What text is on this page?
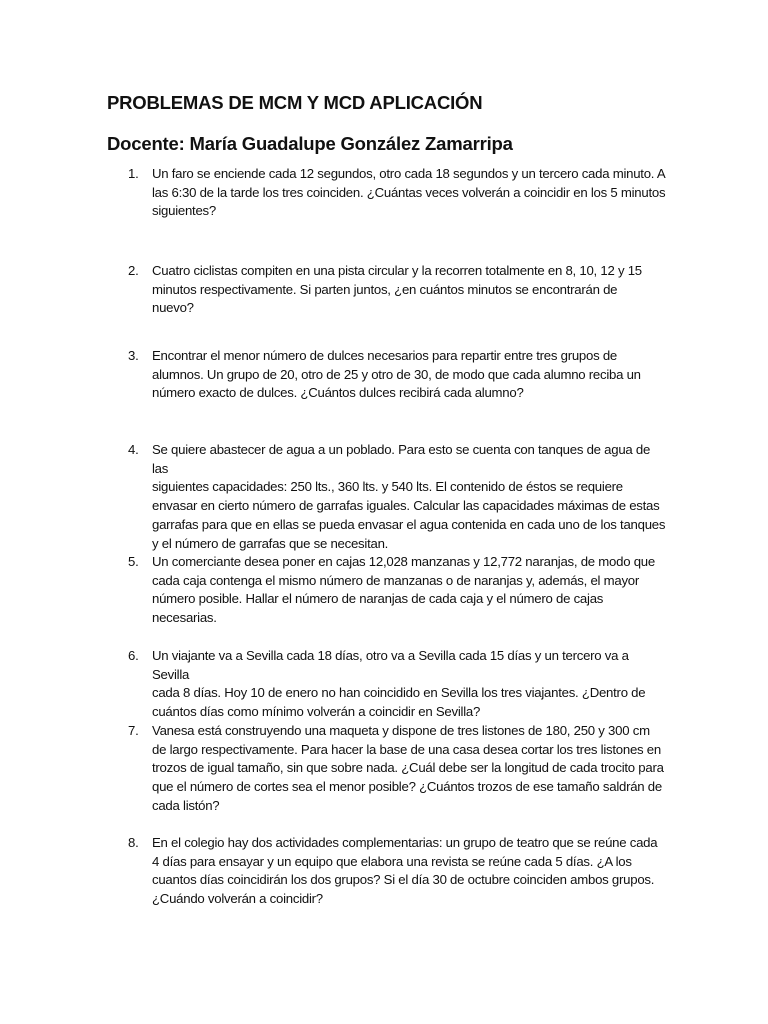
PROBLEMAS DE MCM Y MCD APLICACIÓN
Docente: María Guadalupe González Zamarripa
1.	Un faro se enciende cada 12 segundos, otro cada 18 segundos y un tercero cada minuto. A
las 6:30 de la tarde los tres coinciden. ¿Cuántas veces volverán a coincidir en los 5 minutos
siguientes?
2.	Cuatro ciclistas compiten en una pista circular y la recorren totalmente en 8, 10, 12 y 15
minutos respectivamente. Si parten juntos, ¿en cuántos minutos se encontrarán de
nuevo?
3.	Encontrar el menor número de dulces necesarios para repartir entre tres grupos de
alumnos. Un grupo de 20, otro de 25 y otro de 30, de modo que cada alumno reciba un
número exacto de dulces. ¿Cuántos dulces recibirá cada alumno?
4.	Se quiere abastecer de agua a un poblado. Para esto se cuenta con tanques de agua de las
siguientes capacidades: 250 lts., 360 lts. y 540 lts. El contenido de éstos se requiere
envasar en cierto número de garrafas iguales. Calcular las capacidades máximas de estas
garrafas para que en ellas se pueda envasar el agua contenida en cada uno de los tanques
y el número de garrafas que se necesitan.
5.	Un comerciante desea poner en cajas 12,028 manzanas y 12,772 naranjas, de modo que
cada caja contenga el mismo número de manzanas o de naranjas y, además, el mayor
número posible. Hallar el número de naranjas de cada caja y el número de cajas
necesarias.
6.	Un viajante va a Sevilla cada 18 días, otro va a Sevilla cada 15 días y un tercero va a Sevilla
cada 8 días. Hoy 10 de enero no han coincidido en Sevilla los tres viajantes. ¿Dentro de
cuántos días como mínimo volverán a coincidir en Sevilla?
7.	Vanesa está construyendo una maqueta y dispone de tres listones de 180, 250 y 300 cm
de largo respectivamente. Para hacer la base de una casa desea cortar los tres listones en
trozos de igual tamaño, sin que sobre nada. ¿Cuál debe ser la longitud de cada trocito para
que el número de cortes sea el menor posible? ¿Cuántos trozos de ese tamaño saldrán de
cada listón?
8.	En el colegio hay dos actividades complementarias: un grupo de teatro que se reúne cada
4 días para ensayar y un equipo que elabora una revista se reúne cada 5 días. ¿A los
cuantos días coincidirán los dos grupos? Si el día 30 de octubre coinciden ambos grupos.
¿Cuándo volverán a coincidir?
